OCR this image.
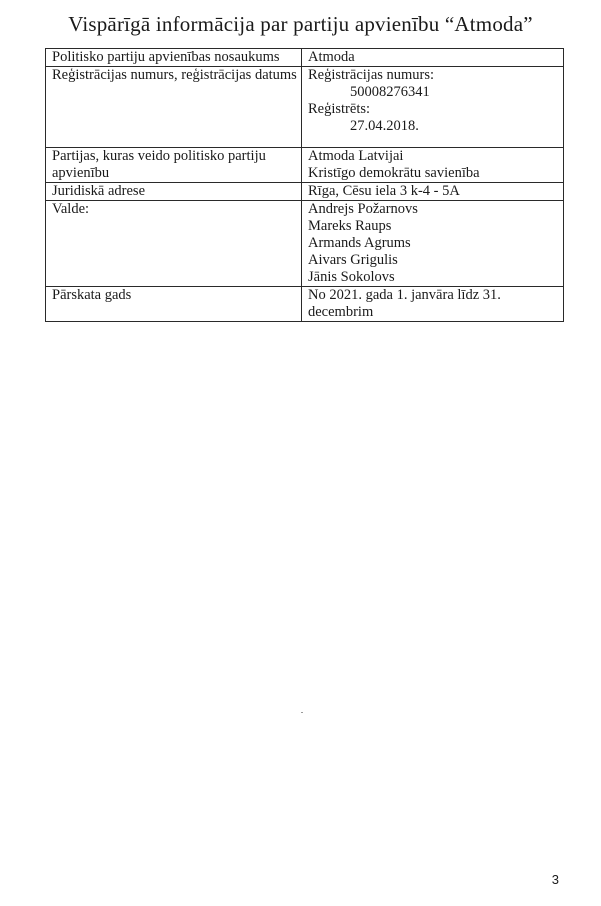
Vispārīgā informācija par partiju apvienību “Atmoda”
Politisko partiju apvienības nosaukums	Atmoda
Reģistrācijas numurs, reģistrācijas datums	Reģistrācijas numurs:
50008276341
Reģistrēts:
27.04.2018.

Partijas, kuras veido politisko partiju apvienību	Atmoda Latvijai
Kristīgo demokrātu savienība

Juridiskā adrese	Rīga, Cēsu iela 3 k-4 - 5A
Valde:	Andrejs Požarnovs
Mareks Raups
Armands Agrums
Aivars Grigulis
Jānis Sokolovs

Pārskata gads	No 2021. gada 1. janvāra līdz 31. decembrim
3
